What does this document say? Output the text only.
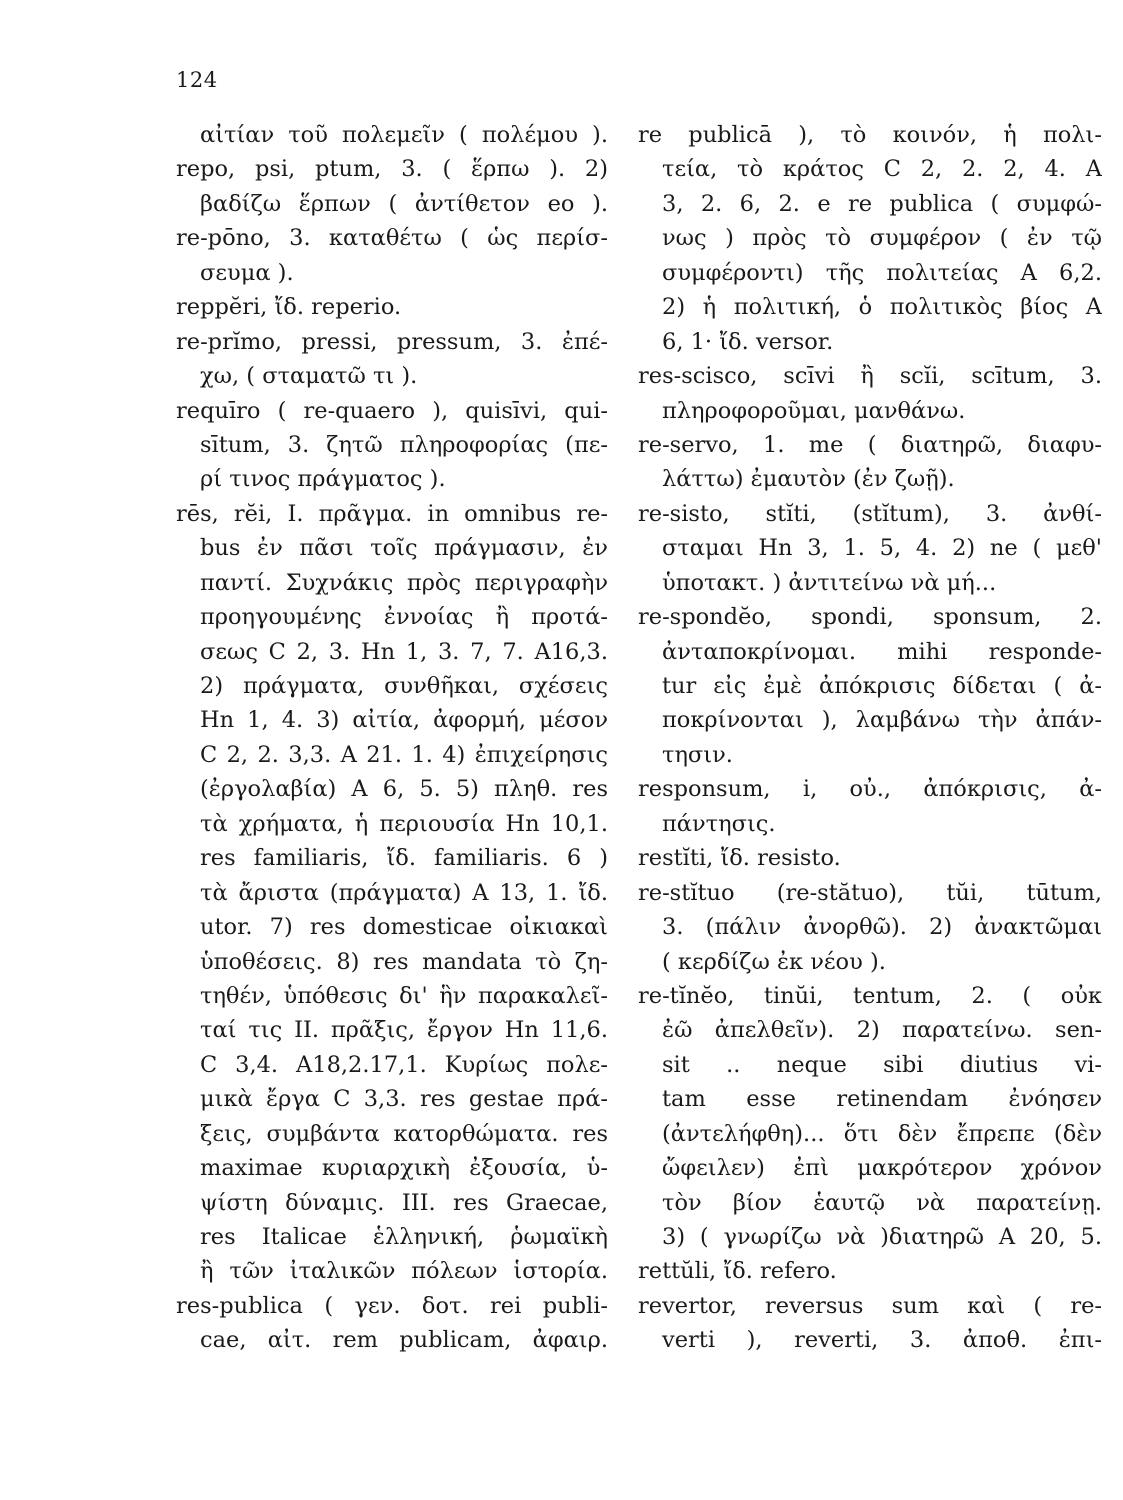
124
αἰτίαν τοῦ πολεμεῖν ( πολέμου ).
repo, psi, ptum, 3. ( ἕρπω ). 2)
βαδίζω ἕρπων ( ἀντίθετον eo ).
re-pōno, 3. καταθέτω ( ὡς περίσ-
σευμα ).
reppĕri, ἴδ. reperio.
re-prĭmo, pressi, pressum, 3. ἐπέ-
χω, ( σταματῶ τι ).
requīro ( re-quaero ), quisīvi, qui-
sītum, 3. ζητῶ πληροφορίας (πε-
ρί τινος πράγματος ).
rēs, rĕi, I. πρᾶγμα. in omnibus re-
bus ἐν πᾶσι τοῖς πράγμασιν, ἐν
παντί. Συχνάκις πρὸς περιγραφὴν
προηγουμένης ἐννοίας ἢ προτά-
σεως C 2, 3. Hn 1, 3. 7, 7. A16,3.
2) πράγματα, συνθῆκαι, σχέσεις
Hn 1, 4. 3) αἰτία, ἀφορμή, μέσον
C 2, 2. 3,3. A 21. 1. 4) ἐπιχείρησις
(ἐργολαβία) A 6, 5. 5) πληθ. res
τὰ χρήματα, ἡ περιουσία Hn 10,1.
res familiaris, ἴδ. familiaris. 6 )
τὰ ἄριστα (πράγματα) A 13, 1. ἴδ.
utor. 7) res domesticae οἰκιακαὶ
ὑποθέσεις. 8) res mandata τὸ ζη-
τηθέν, ὑπόθεσις δι' ἣν παρακαλεῖ-
ταί τις II. πρᾶξις, ἔργον Hn 11,6.
C 3,4. A18,2.17,1. Κυρίως πολε-
μικὰ ἔργα C 3,3. res gestae πρά-
ξεις, συμβάντα κατορθώματα. res
maximae κυριαρχικὴ ἐξουσία, ὑ-
ψίστη δύναμις. III. res Graecae,
res Italicae ἑλληνική, ῥωμαϊκὴ
ἢ τῶν ἰταλικῶν πόλεων ἱστορία.
res-publica ( γεν. δοτ. rei publi-
cae, αἰτ. rem publicam, ἀφαιρ.
re publicā ), τὸ κοινόν, ἡ πολι-
τεία, τὸ κράτος C 2, 2. 2, 4. A
3, 2. 6, 2. e re publica ( συμφώ-
νως ) πρὸς τὸ συμφέρον ( ἐν τῷ
συμφέροντι) τῆς πολιτείας A 6,2.
2) ἡ πολιτική, ὁ πολιτικὸς βίος A
6, 1· ἴδ. versor.
res-scisco, scīvi ἢ scĭi, scītum, 3.
πληροφοροῦμαι, μανθάνω.
re-servo, 1. me ( διατηρῶ, διαφυ-
λάττω) ἐμαυτὸν (ἐν ζωῇ).
re-sisto, stĭti, (stĭtum), 3. ἀνθί-
σταμαι Hn 3, 1. 5, 4. 2) ne ( μεθ'
ὑποτακτ. ) ἀντιτείνω νὰ μή...
re-spondĕo, spondi, sponsum, 2.
ἀνταποκρίνομαι. mihi responde-
tur εἰς ἐμὲ ἀπόκρισις δίδεται ( ἀ-
ποκρίνονται ), λαμβάνω τὴν ἀπάν-
τησιν.
responsum, i, οὐ., ἀπόκρισις, ἀ-
πάντησις.
restĭti, ἴδ. resisto.
re-stĭtuo (re-stătuo), tŭi, tūtum,
3. (πάλιν ἀνορθῶ). 2) ἀνακτῶμαι
( κερδίζω ἐκ νέου ).
re-tĭnĕo, tinŭi, tentum, 2. ( οὐκ
ἐῶ ἀπελθεῖν). 2) παρατείνω. sen-
sit .. neque sibi diutius vi-
tam esse retinendam ἐνόησεν
(ἀντελήφθη)... ὅτι δὲν ἔπρεπε (δὲν
ὤφειλεν) ἐπὶ μακρότερον χρόνον
τὸν βίον ἑαυτῷ νὰ παρατείνῃ.
3) ( γνωρίζω νὰ )διατηρῶ A 20, 5.
rettŭli, ἴδ. refero.
revertor, reversus sum καὶ ( re-
verti ), reverti, 3. ἀποθ. ἐπι-
